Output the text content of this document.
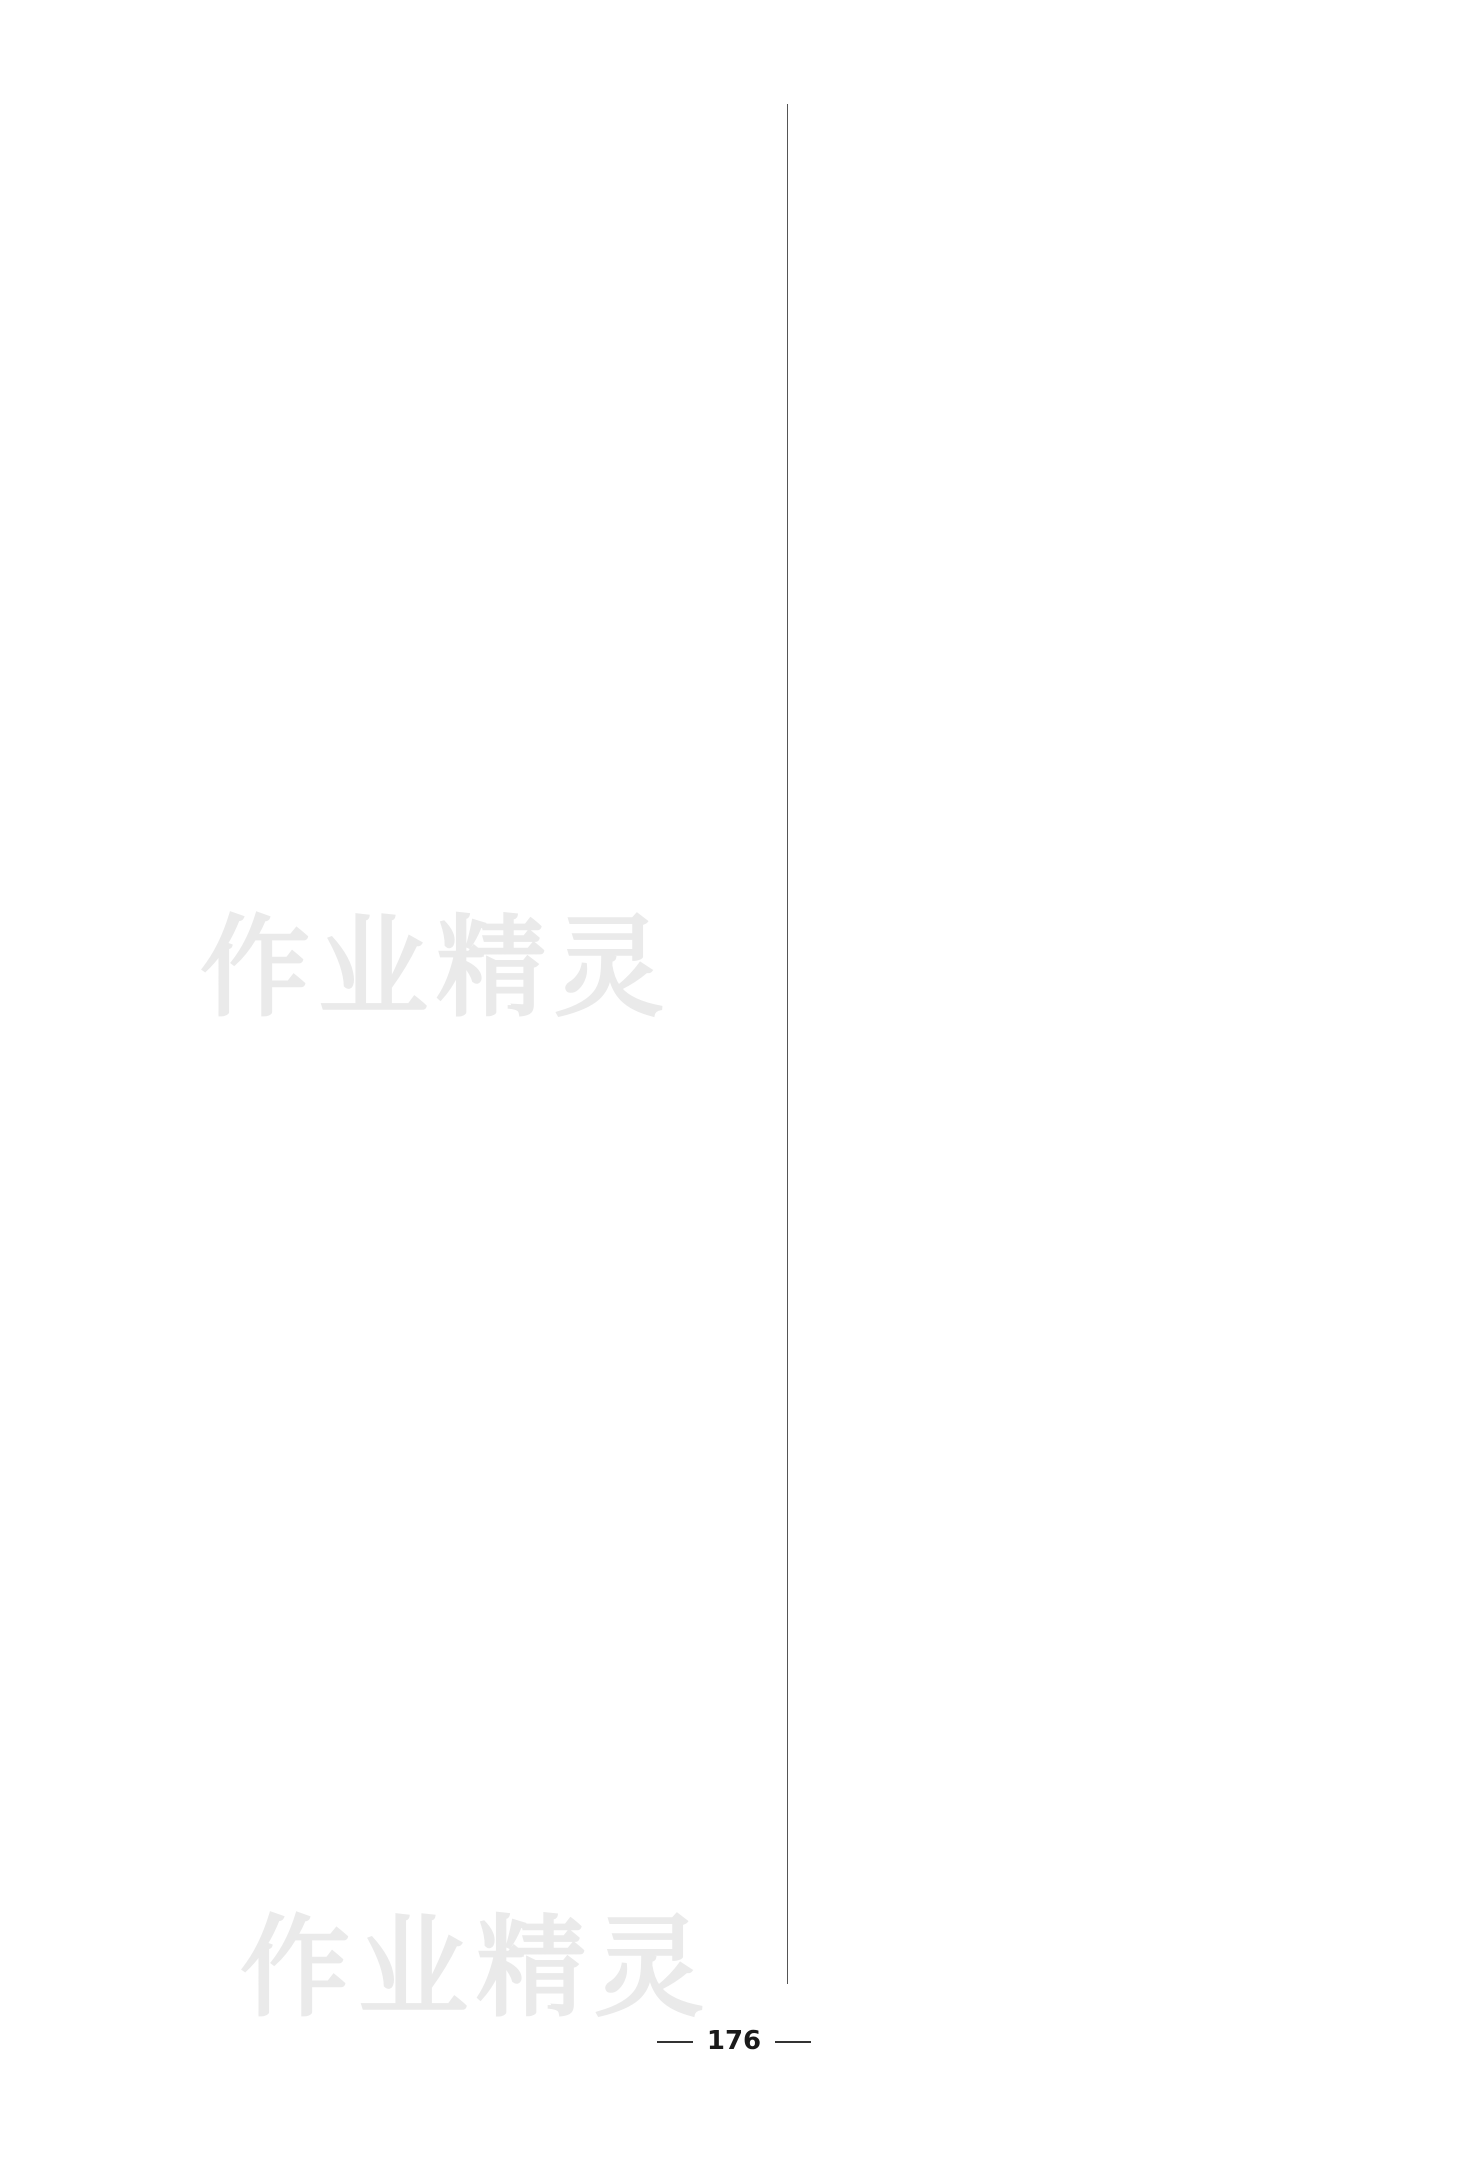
作业精灵
作业精灵
176
